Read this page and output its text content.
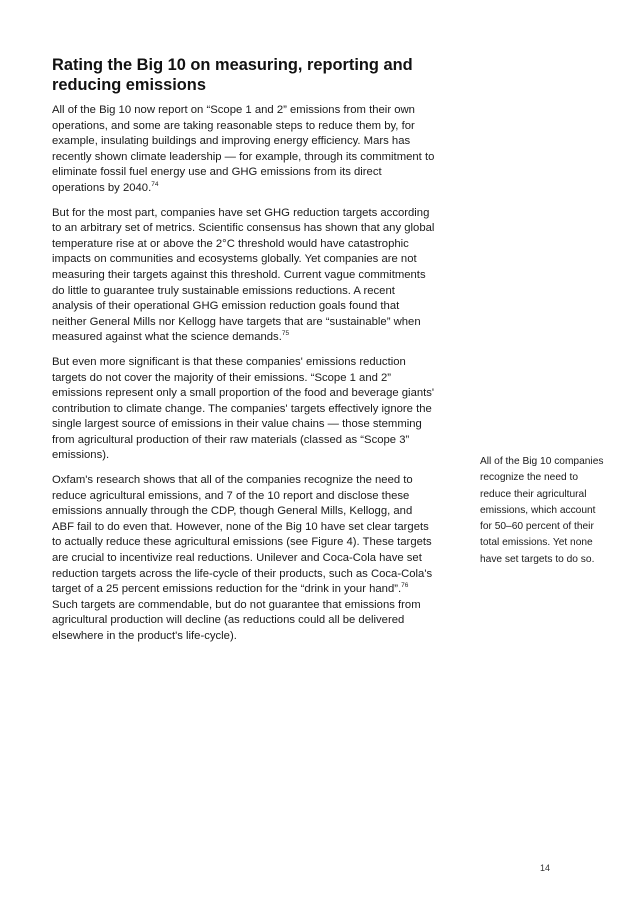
Rating the Big 10 on measuring, reporting and reducing emissions

All of the Big 10 now report on “Scope 1 and 2” emissions from their own operations, and some are taking reasonable steps to reduce them by, for example, insulating buildings and improving energy efficiency. Mars has recently shown climate leadership — for example, through its commitment to eliminate fossil fuel energy use and GHG emissions from its direct operations by 2040.74

But for the most part, companies have set GHG reduction targets according to an arbitrary set of metrics. Scientific consensus has shown that any global temperature rise at or above the 2°C threshold would have catastrophic impacts on communities and ecosystems globally. Yet companies are not measuring their targets against this threshold. Current vague commitments do little to guarantee truly sustainable emissions reductions. A recent analysis of their operational GHG emission reduction goals found that neither General Mills nor Kellogg have targets that are “sustainable” when measured against what the science demands.$^{75}$

But even more significant is that these companies' emissions reduction targets do not cover the majority of their emissions. “Scope 1 and 2” emissions represent only a small proportion of the food and beverage giants' contribution to climate change. The companies' targets effectively ignore the single largest source of emissions in their value chains — those stemming from agricultural production of their raw materials (classed as “Scope 3” emissions).

Oxfam's research shows that all of the companies recognize the need to reduce agricultural emissions, and 7 of the 10 report and disclose these emissions annually through the CDP, though General Mills, Kellogg, and ABF fail to do even that. However, none of the Big 10 have set clear targets to actually reduce these agricultural emissions (see Figure 4). These targets are crucial to incentivize real reductions. Unilever and Coca-Cola have set reduction targets across the life-cycle of their products, such as Coca-Cola's target of a 25 percent emissions reduction for the “drink in your hand”.$^{76}$ Such targets are commendable, but do not guarantee that emissions from agricultural production will decline (as reductions could all be delivered elsewhere in the product's life-cycle).

All of the Big 10 companies recognize the need to reduce their agricultural emissions, which account for 50–60 percent of their total emissions. Yet none have set targets to do so.
14
